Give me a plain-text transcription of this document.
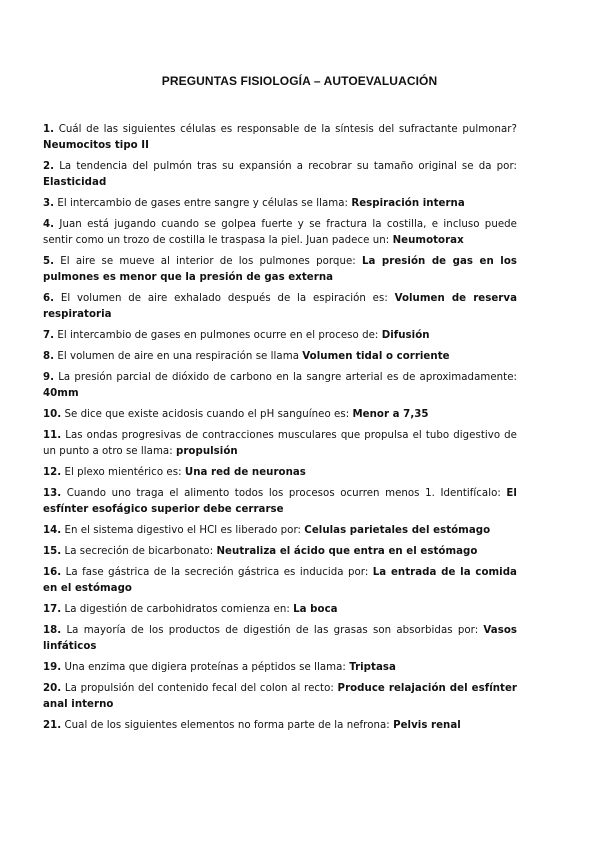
PREGUNTAS FISIOLOGÍA – AUTOEVALUACIÓN

1. Cuál de las siguientes células es responsable de la síntesis del sufractante pulmonar? Neumocitos tipo II

2. La tendencia del pulmón tras su expansión a recobrar su tamaño original se da por: Elasticidad

3. El intercambio de gases entre sangre y células se llama: Respiración interna

4. Juan está jugando cuando se golpea fuerte y se fractura la costilla, e incluso puede sentir como un trozo de costilla le traspasa la piel. Juan padece un: Neumotorax

5. El aire se mueve al interior de los pulmones porque: La presión de gas en los pulmones es menor que la presión de gas externa

6. El volumen de aire exhalado después de la espiración es: Volumen de reserva respiratoria

7. El intercambio de gases en pulmones ocurre en el proceso de: Difusión

8. El volumen de aire en una respiración se llama Volumen tidal o corriente

9. La presión parcial de dióxido de carbono en la sangre arterial es de aproximadamente: 40mm

10. Se dice que existe acidosis cuando el pH sanguíneo es: Menor a 7,35

11. Las ondas progresivas de contracciones musculares que propulsa el tubo digestivo de un punto a otro se llama: propulsión

12. El plexo mientérico es: Una red de neuronas

13. Cuando uno traga el alimento todos los procesos ocurren menos 1. Identifícalo: El esfínter esofágico superior debe cerrarse

14. En el sistema digestivo el HCl es liberado por: Celulas parietales del estómago

15. La secreción de bicarbonato: Neutraliza el ácido que entra en el estómago

16. La fase gástrica de la secreción gástrica es inducida por: La entrada de la comida en el estómago

17. La digestión de carbohidratos comienza en: La boca

18. La mayoría de los productos de digestión de las grasas son absorbidas por: Vasos linfáticos

19. Una enzima que digiera proteínas a péptidos se llama: Triptasa

20. La propulsión del contenido fecal del colon al recto: Produce relajación del esfínter anal interno

21. Cual de los siguientes elementos no forma parte de la nefrona: Pelvis renal
